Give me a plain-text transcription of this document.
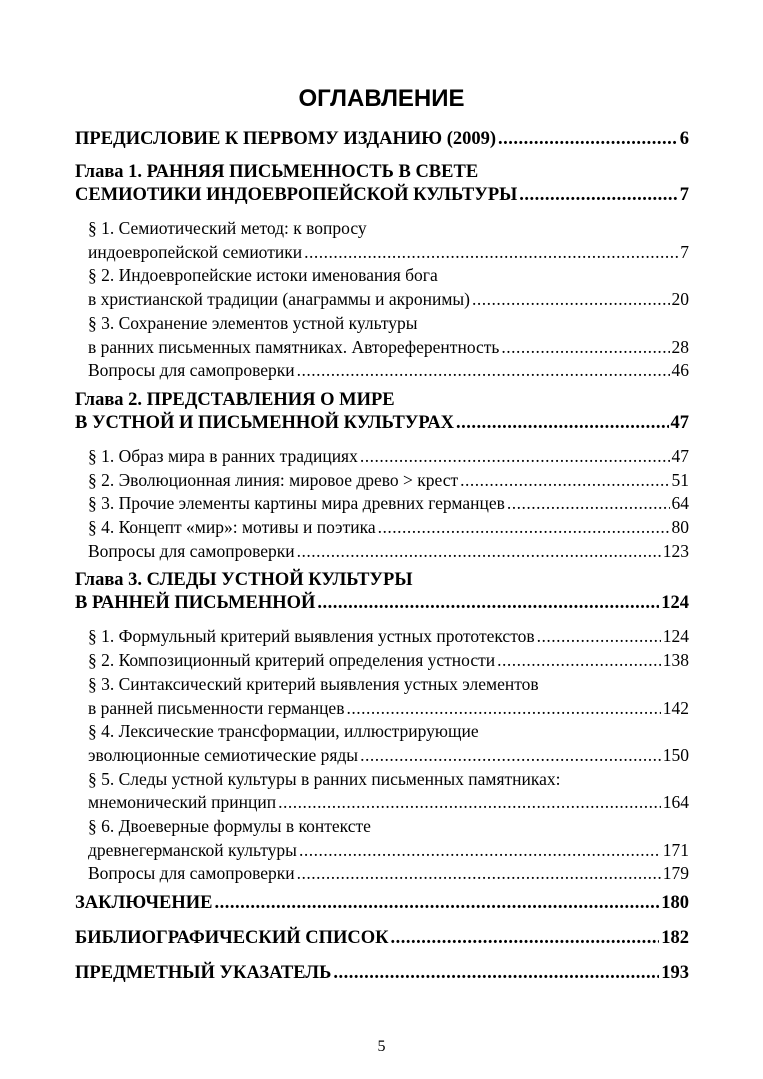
ОГЛАВЛЕНИЕ
ПРЕДИСЛОВИЕ К ПЕРВОМУ ИЗДАНИЮ (2009) .....	6
Глава 1. РАННЯЯ ПИСЬМЕННОСТЬ В СВЕТЕ
СЕМИОТИКИ ИНДОЕВРОПЕЙСКОЙ КУЛЬТУРЫ .....	7
§ 1. Семиотический метод: к вопросу
индоевропейской семиотики .....	7
§ 2. Индоевропейские истоки именования бога
в христианской традиции (анаграммы и акронимы) .....	20
§ 3. Сохранение элементов устной культуры
в ранних письменных памятниках. Автореферентность .....	28
Вопросы для самопроверки .....	46
Глава 2. ПРЕДСТАВЛЕНИЯ О МИРЕ
В УСТНОЙ И ПИСЬМЕННОЙ КУЛЬТУРАХ .....	47
§ 1. Образ мира в ранних традициях .....	47
§ 2. Эволюционная линия: мировое древо > крест .....	51
§ 3. Прочие элементы картины мира древних германцев .....	64
§ 4. Концепт «мир»: мотивы и поэтика .....	80
Вопросы для самопроверки .....	123
Глава 3. СЛЕДЫ УСТНОЙ КУЛЬТУРЫ
В РАННЕЙ ПИСЬМЕННОЙ .....	124
§ 1. Формульный критерий выявления устных прототекстов .....	124
§ 2. Композиционный критерий определения устности .....	138
§ 3. Синтаксический критерий выявления устных элементов
в ранней письменности германцев .....	142
§ 4. Лексические трансформации, иллюстрирующие
эволюционные семиотические ряды .....	150
§ 5. Следы устной культуры в ранних письменных памятниках:
мнемонический принцип .....	164
§ 6. Двоеверные формулы в контексте
древнегерманской культуры .....	171
Вопросы для самопроверки .....	179
ЗАКЛЮЧЕНИЕ .....	180
БИБЛИОГРАФИЧЕСКИЙ СПИСОК .....	182
ПРЕДМЕТНЫЙ УКАЗАТЕЛЬ .....	193
5
